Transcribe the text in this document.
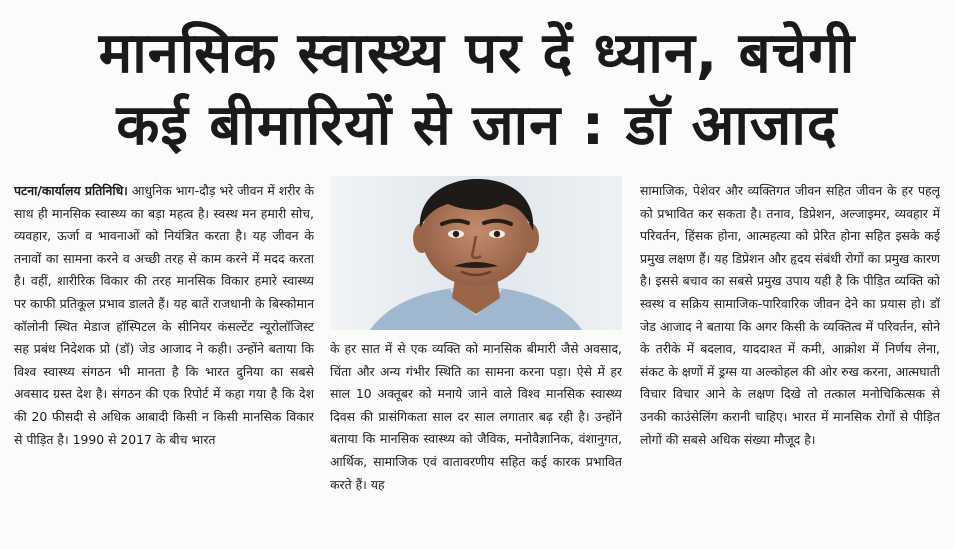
मानसिक स्वास्थ्य पर दें ध्यान, बचेगी
कई बीमारियों से जान : डॉ आजाद
पटना/कार्यालय प्रतिनिधि। आधुनिक भाग-दौड़ भरे जीवन में शरीर के साथ ही मानसिक स्वास्थ्य का बड़ा महत्व है। स्वस्थ मन हमारी सोच, व्यवहार, ऊर्जा व भावनाओं को नियंत्रित करता है। यह जीवन के तनावों का सामना करने व अच्छी तरह से काम करने में मदद करता है। वहीं, शारीरिक विकार की तरह मानसिक विकार हमारे स्वास्थ्य पर काफी प्रतिकूल प्रभाव डालते हैं। यह बातें राजधानी के बिस्कोमान कॉलोनी स्थित मेडाज हॉस्पिटल के सीनियर कंसल्टेंट न्यूरोलॉजिस्ट सह प्रबंध निदेशक प्रो (डॉ) जेड आजाद ने कही। उन्होंने बताया कि विश्व स्वास्थ्य संगठन भी मानता है कि भारत दुनिया का सबसे अवसाद ग्रस्त देश है। संगठन की एक रिपोर्ट में कहा गया है कि देश की 20 फीसदी से अधिक आबादी किसी न किसी मानसिक विकार से पीड़ित है। 1990 से 2017 के बीच भारत
के हर सात में से एक व्यक्ति को मानसिक बीमारी जैसे अवसाद, चिंता और अन्य गंभीर स्थिति का सामना करना पड़ा। ऐसे में हर साल 10 अक्तूबर को मनाये जाने वाले विश्व मानसिक स्वास्थ्य दिवस की प्रासंगिकता साल दर साल लगातार बढ़ रही है। उन्होंने बताया कि मानसिक स्वास्थ्य को जैविक, मनोवैज्ञानिक, वंशानुगत, आर्थिक, सामाजिक एवं वातावरणीय सहित कई कारक प्रभावित करते हैं। यह
सामाजिक, पेशेवर और व्यक्तिगत जीवन सहित जीवन के हर पहलू को प्रभावित कर सकता है। तनाव, डिप्रेशन, अल्जाइमर, व्यवहार में परिवर्तन, हिंसक होना, आत्महत्या को प्रेरित होना सहित इसके कई प्रमुख लक्षण हैं। यह डिप्रेशन और हृदय संबंधी रोगों का प्रमुख कारण है। इससे बचाव का सबसे प्रमुख उपाय यही है कि पीड़ित व्यक्ति को स्वस्थ व सक्रिय सामाजिक-पारिवारिक जीवन देने का प्रयास हो। डॉ जेड आजाद ने बताया कि अगर किसी के व्यक्तित्व में परिवर्तन, सोने के तरीके में बदलाव, याददाश्त में कमी, आक्रोश में निर्णय लेना, संकट के क्षणों में ड्रग्स या अल्कोहल की ओर रुख करना, आत्मघाती विचार विचार आने के लक्षण दिखे तो तत्काल मनोचिकित्सक से उनकी काउंसेलिंग करानी चाहिए। भारत में मानसिक रोगों से पीड़ित लोगों की सबसे अधिक संख्या मौजूद है।
